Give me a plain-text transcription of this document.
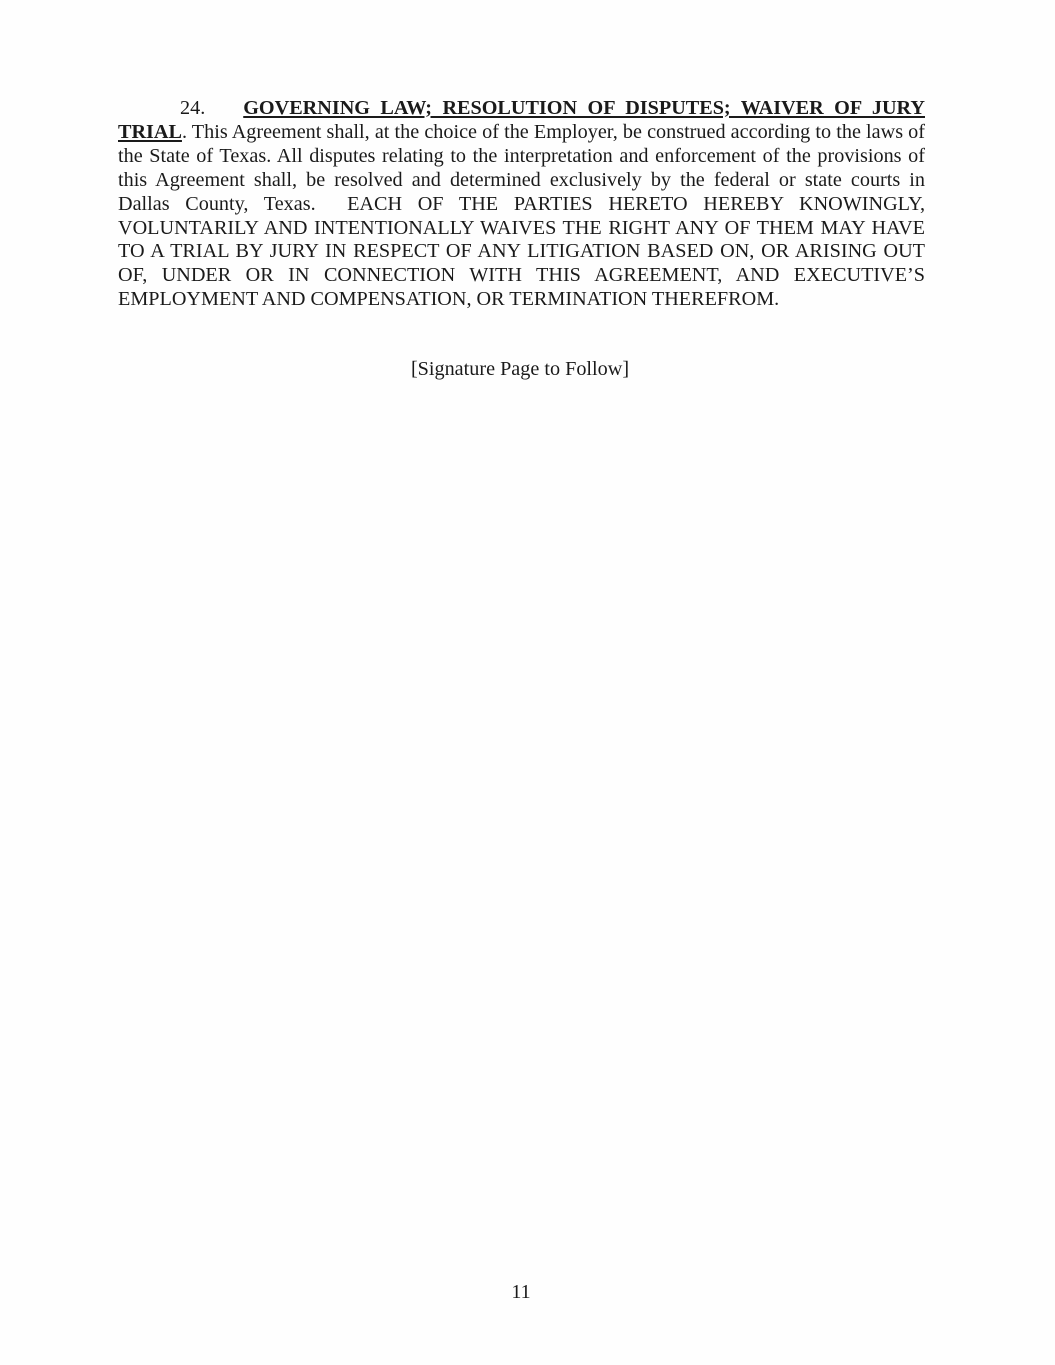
24. GOVERNING LAW; RESOLUTION OF DISPUTES; WAIVER OF JURY TRIAL. This Agreement shall, at the choice of the Employer, be construed according to the laws of the State of Texas. All disputes relating to the interpretation and enforcement of the provisions of this Agreement shall, be resolved and determined exclusively by the federal or state courts in Dallas County, Texas. EACH OF THE PARTIES HERETO HEREBY KNOWINGLY, VOLUNTARILY AND INTENTIONALLY WAIVES THE RIGHT ANY OF THEM MAY HAVE TO A TRIAL BY JURY IN RESPECT OF ANY LITIGATION BASED ON, OR ARISING OUT OF, UNDER OR IN CONNECTION WITH THIS AGREEMENT, AND EXECUTIVE’S EMPLOYMENT AND COMPENSATION, OR TERMINATION THEREFROM.
[Signature Page to Follow]
11
